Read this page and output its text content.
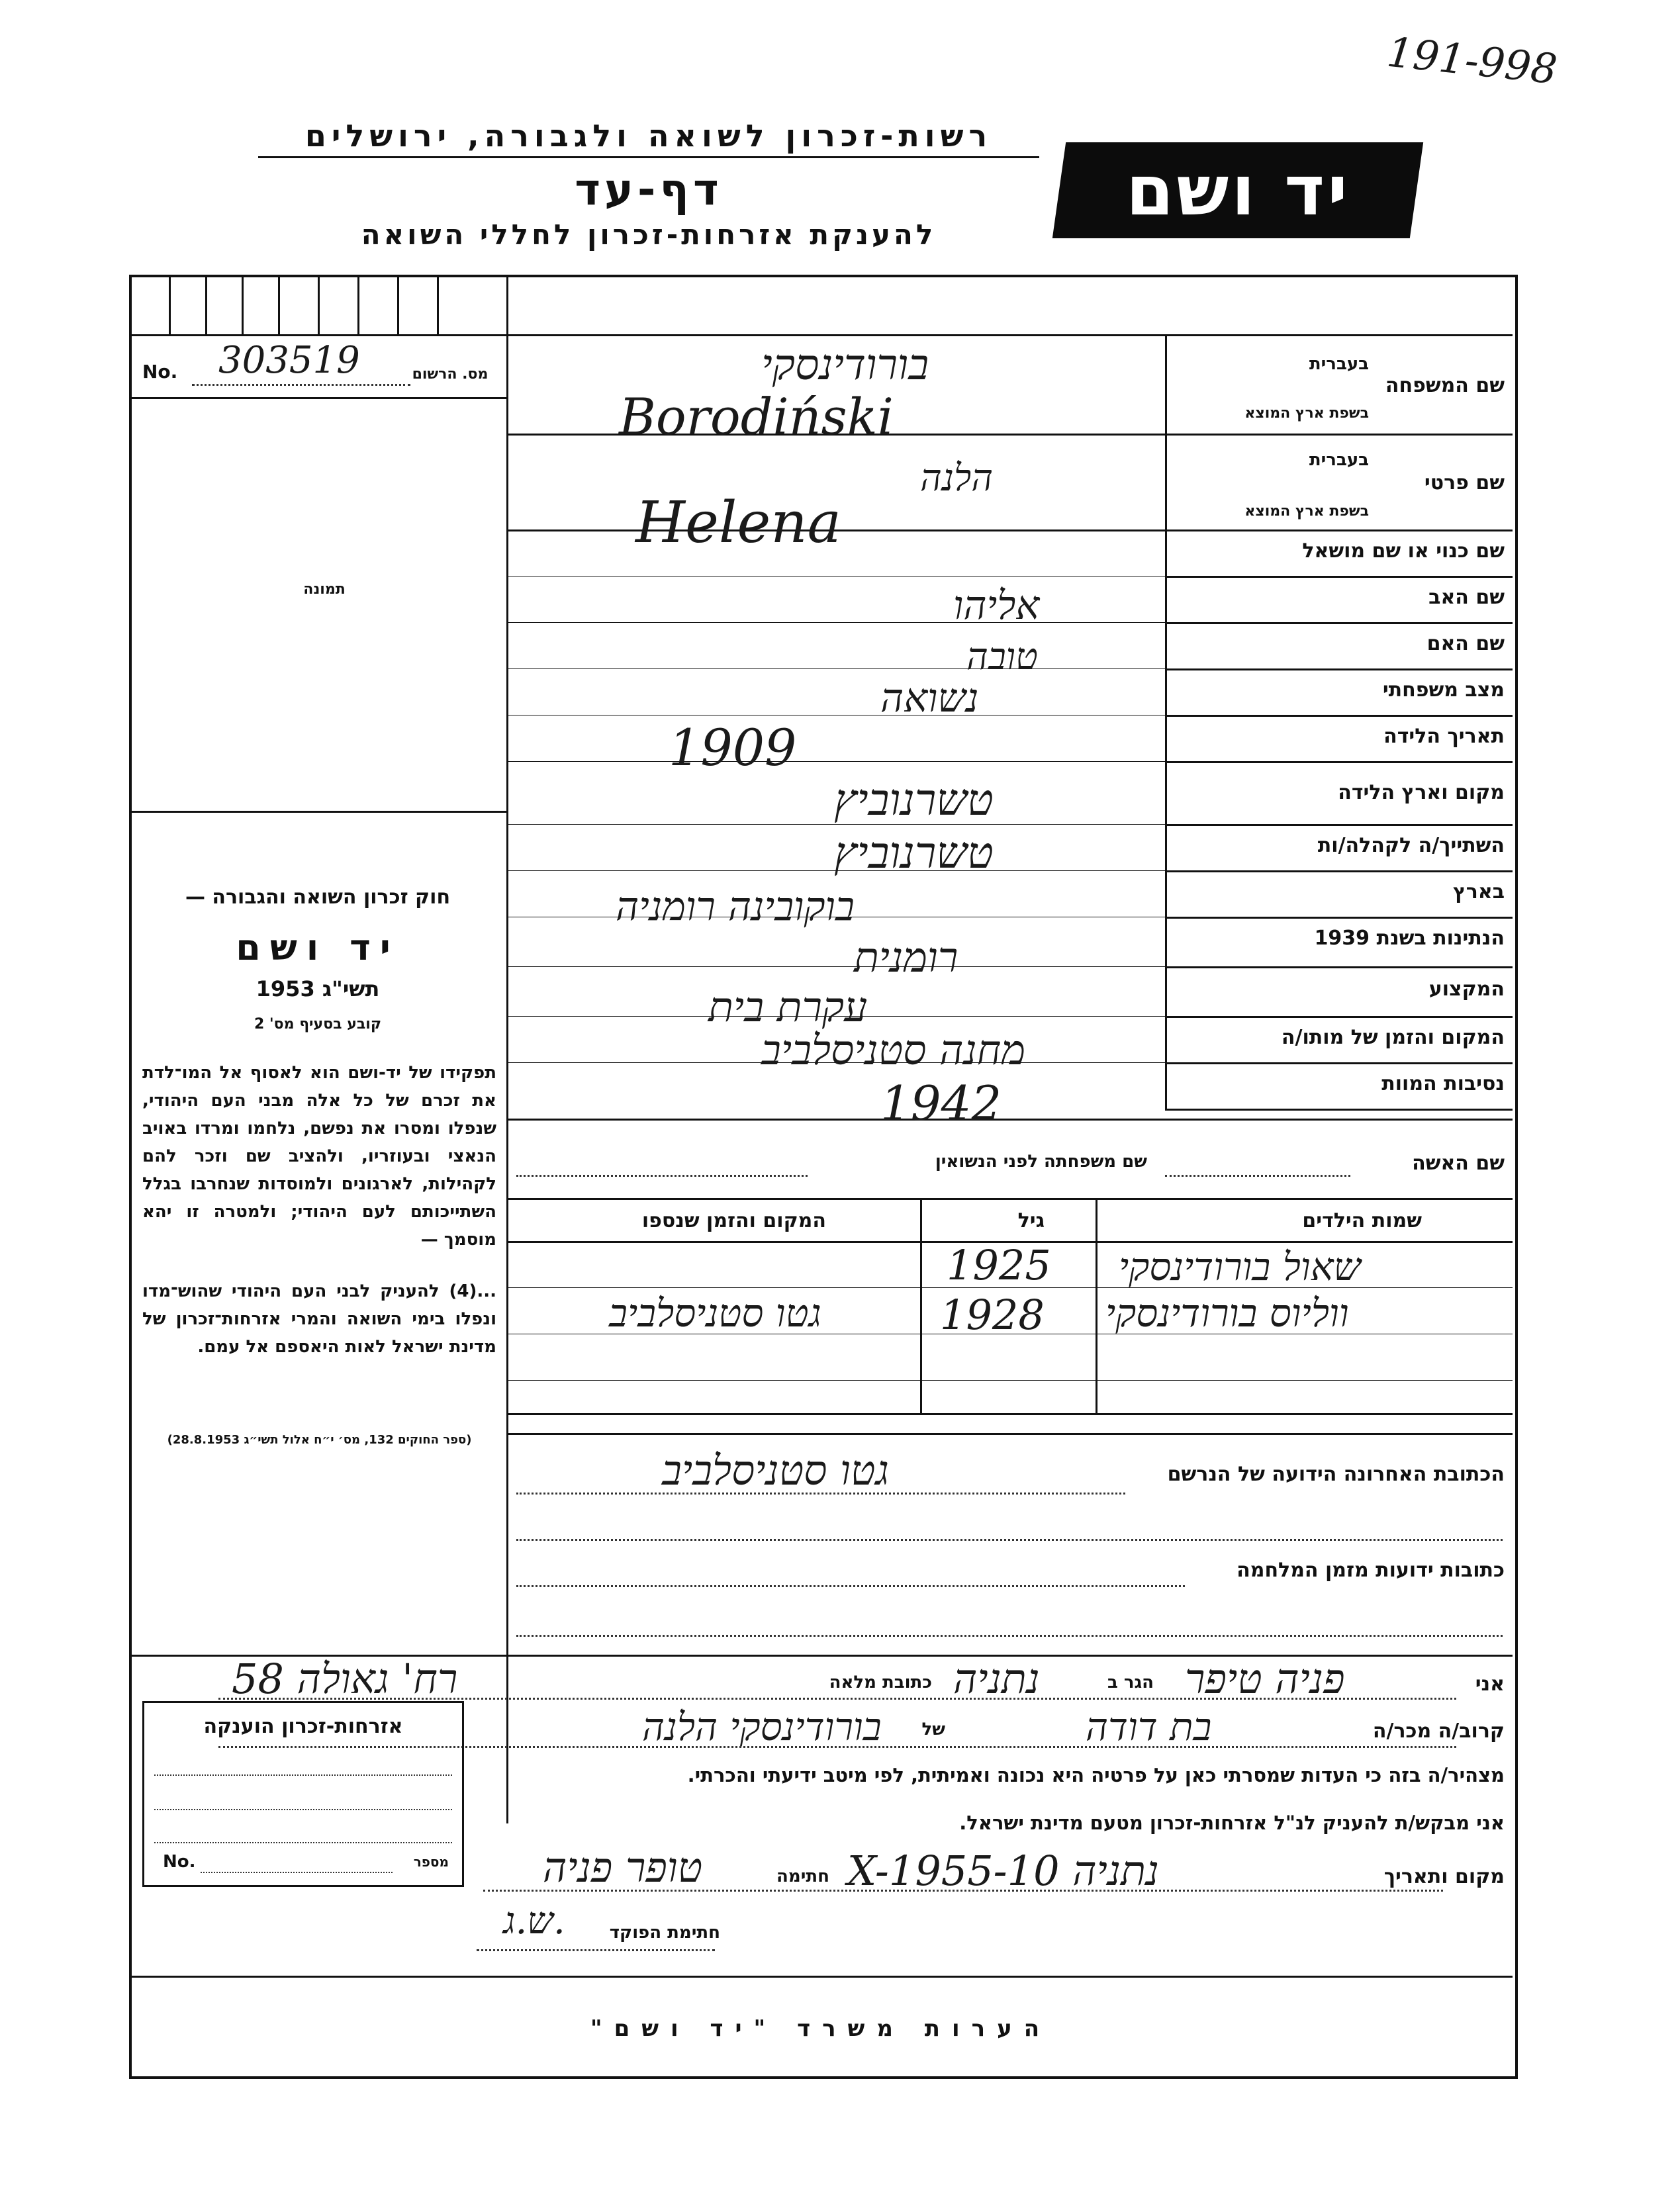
191-998
רשות-זכרון לשואה ולגבורה, ירושלים
דף-עד
להענקת אזרחות-זכרון לחללי השואה
יד ושם
No. 303519	מס. הרשום
תמונה
חוק זכרון השואה והגבורה —
יד ושם
תשי"ג 1953
קובע בסעיף מס' 2
תפקידו של יד-ושם הוא לאסוף אל המו־לדת את זכרם של כל אלה מבני העם היהודי, שנפלו ומסרו את נפשם, נלחמו ומרדו באויב הנאצי ובעוזריו, ולהציב שם וזכר להם לקהילות, לארגונים ולמוסדות שנחרבו בגלל השתייכותם לעם היהודי; ולמטרה זו יהא מוסמך —
...(4) להעניק לבני העם היהודי שהוש־מדו ונפלו בימי השואה והמרי אזרחות־זכרון של מדינת ישראל לאות היאספם אל עמם.
(ספר החוקים 132, מס׳ י״ח אלול תשי״ג 28.8.1953)
שם המשפחה
בעברית
בשפת ארץ המוצא
שם פרטי
בעברית
בשפת ארץ המוצא
שם כנוי או שם מושאל
שם האב
שם האם
מצב משפחתי
תאריך הלידה
מקום וארץ הלידה
השתייך/ה לקהלה/ות
בארץ
הנתינות בשנת 1939
המקצוע
המקום והזמן של מותו/ה
נסיבות המוות
בורודינסקי
Borodiński
הלנה
Helena
אליהו
טובה
נשואה
1909
טשרנוביץ
טשרנוביץ
בוקובינה רומניה
רומנית
עקרת בית
מחנה סטניסלביב
1942
שם האשה
שם משפחתה לפני הנשואין
שמות הילדים
גיל
המקום והזמן שנספו
שאול בורודינסקי
1925
ווליוס בורודינסקי
1928
גטו סטניסלביב
הכתובת האחרונה הידועה של הנרשם
גטו סטניסלביב
כתובות ידועות מזמן המלחמה
אני
פניה טיפר
הגר ב
נתניה
כתובת מלאה
רח' גאולה 58
קרוב/ה מכר/ה
בת דודה
של
בורודינסקי הלנה
מצהיר/ה בזה כי העדות שמסרתי כאן על פרטיה היא נכונה ואמיתית, לפי מיטב ידיעתי והכרתי.
אני מבקש/ת להעניק לנ"ל אזרחות-זכרון מטעם מדינת ישראל.
מקום ותאריך
נתניה 10-X-1955
חתימה
טופר פניה
חתימת הפוקד
ש.ג.
אזרחות-זכרון הוענקה
No.	מספר
הערות משרד "יד ושם"
